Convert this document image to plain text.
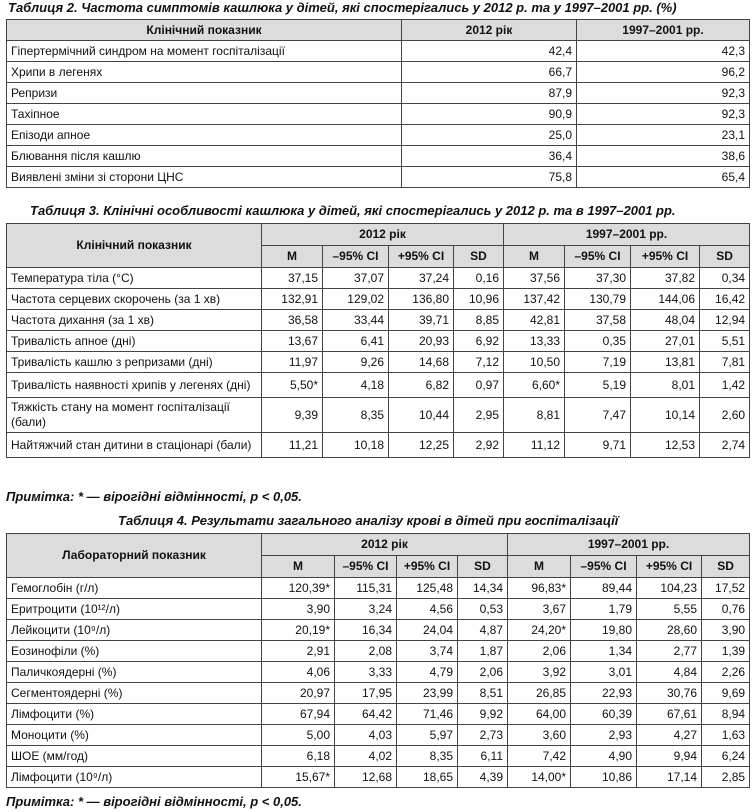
Таблиця 2. Частота симптомів кашлюка у дітей, які спостерігались у 2012 р. та у 1997–2001 рр. (%)
Клінічний показник	2012 рік	1997–2001 рр.
Гіпертермічний синдром на момент госпіталізації	42,4	42,3
Хрипи в легенях	66,7	96,2
Репризи	87,9	92,3
Тахіпное	90,9	92,3
Епізоди апное	25,0	23,1
Блювання після кашлю	36,4	38,6
Виявлені зміни зі сторони ЦНС	75,8	65,4
Таблиця 3. Клінічні особливості кашлюка у дітей, які спостерігались у 2012 р. та в 1997–2001 рр.
Клінічний показник	2012 рік				1997–2001 рр.			
	M	–95% CI	+95% CI	SD	M	–95% CI	+95% CI	SD
Температура тіла (°С)	37,15	37,07	37,24	0,16	37,56	37,30	37,82	0,34
Частота серцевих скорочень (за 1 хв)	132,91	129,02	136,80	10,96	137,42	130,79	144,06	16,42
Частота дихання (за 1 хв)	36,58	33,44	39,71	8,85	42,81	37,58	48,04	12,94
Тривалість апное (дні)	13,67	6,41	20,93	6,92	13,33	0,35	27,01	5,51
Тривалість кашлю з репризами (дні)	11,97	9,26	14,68	7,12	10,50	7,19	13,81	7,81
Тривалість наявності хрипів у легенях (дні)	5,50*	4,18	6,82	0,97	6,60*	5,19	8,01	1,42
Тяжкість стану на момент госпіталізації (бали)	9,39	8,35	10,44	2,95	8,81	7,47	10,14	2,60
Найтяжчий стан дитини в стаціонарі (бали)	11,21	10,18	12,25	2,92	11,12	9,71	12,53	2,74
Примітка: * — вірогідні відмінності, p < 0,05.
Таблиця 4. Результати загального аналізу крові в дітей при госпіталізації
Лабораторний показник	2012 рік				1997–2001 рр.			
	M	–95% CI	+95% CI	SD	M	–95% CI	+95% CI	SD
Гемоглобін (г/л)	120,39*	115,31	125,48	14,34	96,83*	89,44	104,23	17,52
Еритроцити (10¹²/л)	3,90	3,24	4,56	0,53	3,67	1,79	5,55	0,76
Лейкоцити (10⁹/л)	20,19*	16,34	24,04	4,87	24,20*	19,80	28,60	3,90
Еозинофіли (%)	2,91	2,08	3,74	1,87	2,06	1,34	2,77	1,39
Паличкоядерні (%)	4,06	3,33	4,79	2,06	3,92	3,01	4,84	2,26
Сегментоядерні (%)	20,97	17,95	23,99	8,51	26,85	22,93	30,76	9,69
Лімфоцити (%)	67,94	64,42	71,46	9,92	64,00	60,39	67,61	8,94
Моноцити (%)	5,00	4,03	5,97	2,73	3,60	2,93	4,27	1,63
ШОЕ (мм/год)	6,18	4,02	8,35	6,11	7,42	4,90	9,94	6,24
Лімфоцити (10⁹/л)	15,67*	12,68	18,65	4,39	14,00*	10,86	17,14	2,85
Примітка: * — вірогідні відмінності, p < 0,05.
